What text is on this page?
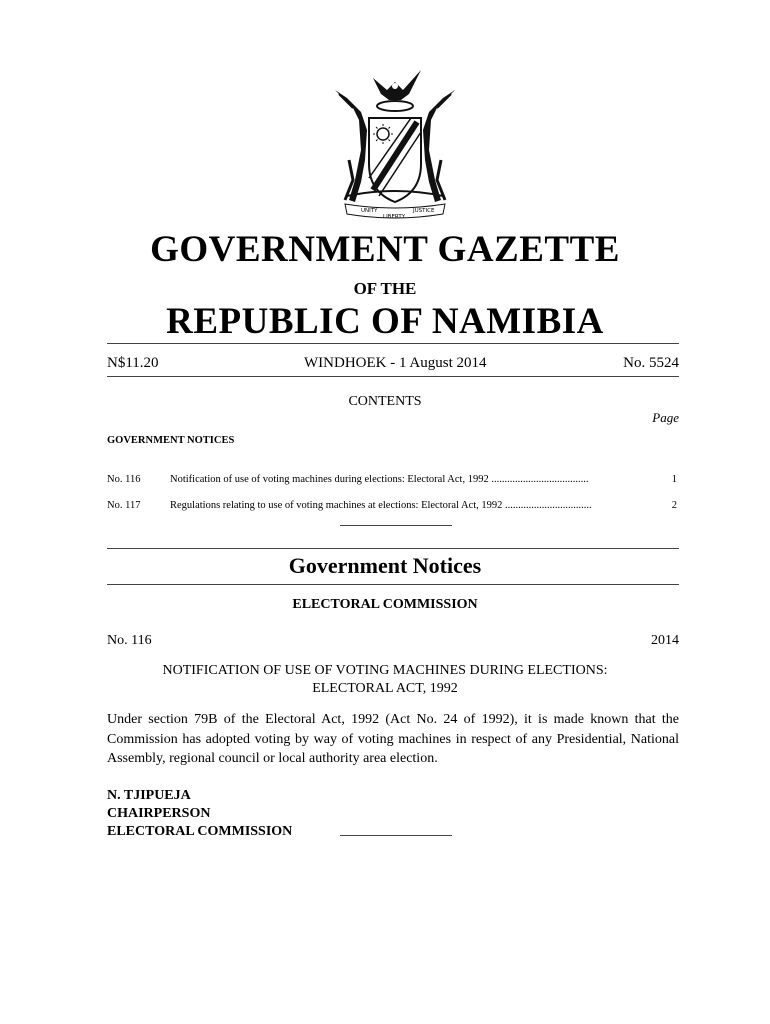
UNITY
LIBERTY
JUSTICE
GOVERNMENT GAZETTE
OF THE
REPUBLIC OF NAMIBIA
N$11.20	WINDHOEK - 1 August 2014	No. 5524
CONTENTS
Page
GOVERNMENT NOTICES
No. 116	Notification of use of voting machines during elections: Electoral Act, 1992 .....................................	1
No. 117	Regulations relating to use of voting machines at elections: Electoral Act, 1992 .................................	2
Government Notices
ELECTORAL COMMISSION
No. 116	2014
NOTIFICATION OF USE OF VOTING MACHINES DURING ELECTIONS:
ELECTORAL ACT, 1992
Under section 79B of the Electoral Act, 1992 (Act No. 24 of 1992), it is made known that the Commission has adopted voting by way of voting machines in respect of any Presidential, National Assembly, regional council or local authority area election.
N. TJIPUEJA
CHAIRPERSON
ELECTORAL COMMISSION
